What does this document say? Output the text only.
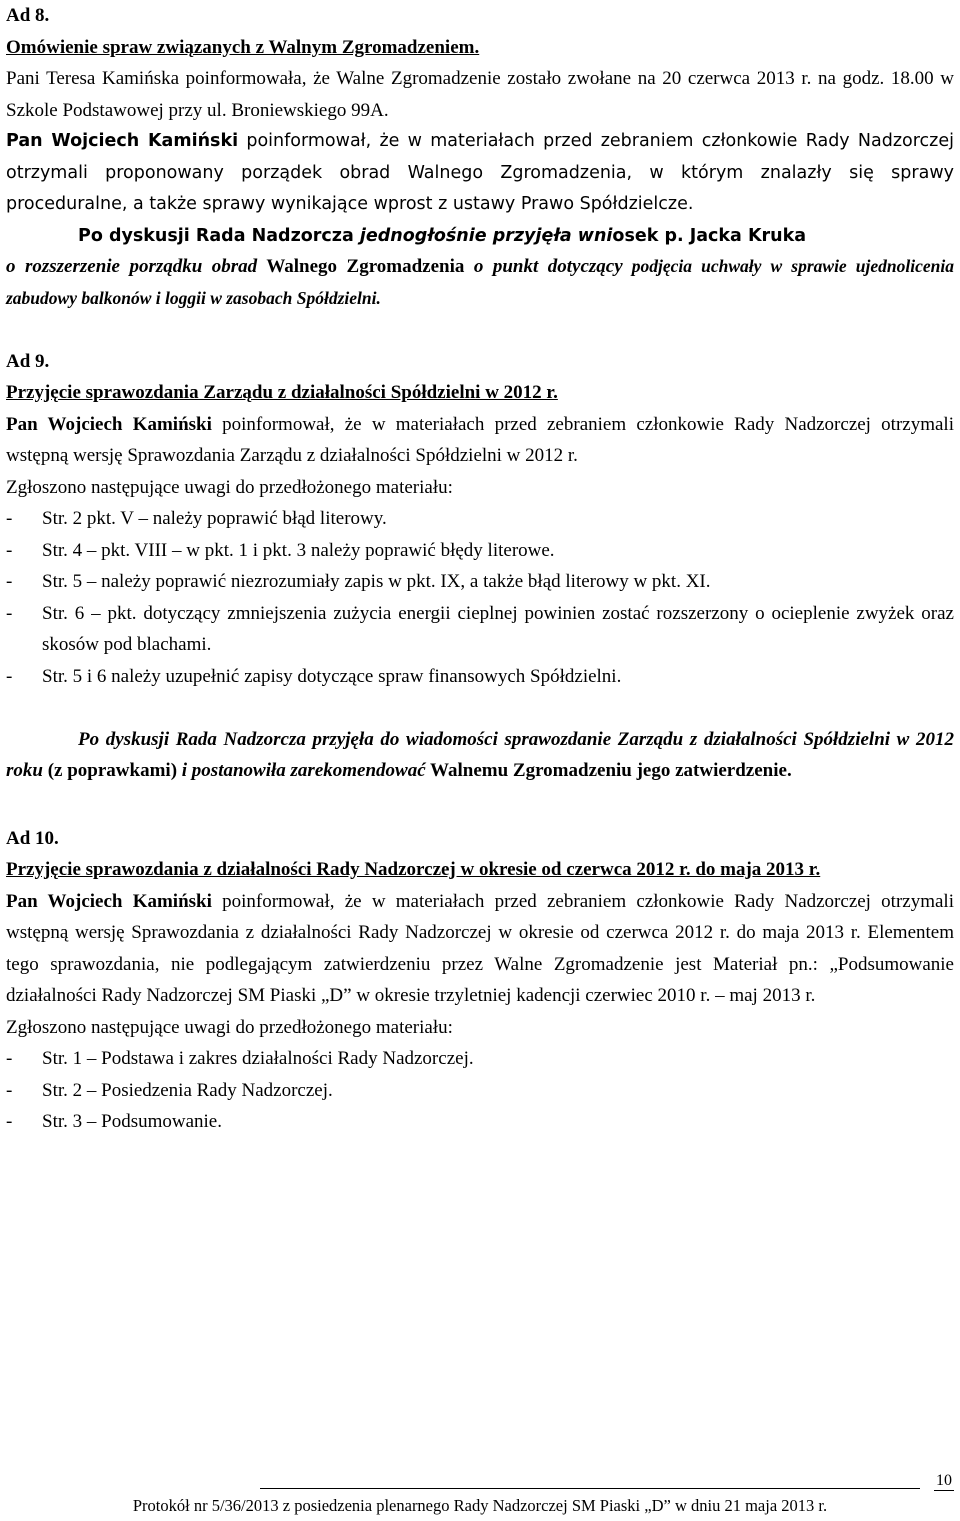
Ad 8.

Omówienie spraw związanych z Walnym Zgromadzeniem.

Pani Teresa Kamińska poinformowała, że Walne Zgromadzenie zostało zwołane na 20 czerwca 2013 r. na godz. 18.00 w Szkole Podstawowej przy ul. Broniewskiego 99A.

Pan Wojciech Kamiński poinformował, że w materiałach przed zebraniem członkowie Rady Nadzorczej otrzymali proponowany porządek obrad Walnego Zgromadzenia, w którym znalazły się sprawy proceduralne, a także sprawy wynikające wprost z ustawy Prawo Spółdzielcze.

Po dyskusji Rada Nadzorcza jednogłośnie przyjęła wniosek p. Jacka Kruka

o rozszerzenie porządku obrad Walnego Zgromadzenia o punkt dotyczący podjęcia uchwały w sprawie ujednolicenia zabudowy balkonów i loggii w zasobach Spółdzielni.

Ad 9.

Przyjęcie sprawozdania Zarządu z działalności Spółdzielni w 2012 r.

Pan Wojciech Kamiński poinformował, że w materiałach przed zebraniem członkowie Rady Nadzorczej otrzymali wstępną wersję Sprawozdania Zarządu z działalności Spółdzielni w 2012 r.

Zgłoszono następujące uwagi do przedłożonego materiału:

-	Str. 2 pkt. V – należy poprawić błąd literowy.
-	Str. 4 – pkt. VIII – w pkt. 1 i pkt. 3 należy poprawić błędy literowe.
-	Str. 5 – należy poprawić niezrozumiały zapis w pkt. IX, a także błąd literowy w pkt. XI.
-	Str. 6 – pkt. dotyczący zmniejszenia zużycia energii cieplnej powinien zostać rozszerzony o ocieplenie zwyżek oraz skosów pod blachami.
-	Str. 5 i 6 należy uzupełnić zapisy dotyczące spraw finansowych Spółdzielni.

Po dyskusji Rada Nadzorcza przyjęła do wiadomości sprawozdanie Zarządu z działalności Spółdzielni w 2012 roku (z poprawkami) i postanowiła zarekomendować Walnemu Zgromadzeniu jego zatwierdzenie.

Ad 10.

Przyjęcie sprawozdania z działalności Rady Nadzorczej w okresie od czerwca 2012 r. do maja 2013 r.

Pan Wojciech Kamiński poinformował, że w materiałach przed zebraniem członkowie Rady Nadzorczej otrzymali wstępną wersję Sprawozdania z działalności Rady Nadzorczej w okresie od czerwca 2012 r. do maja 2013 r. Elementem tego sprawozdania, nie podlegającym zatwierdzeniu przez Walne Zgromadzenie jest Materiał pn.: „Podsumowanie działalności Rady Nadzorczej SM Piaski „D” w okresie trzyletniej kadencji czerwiec 2010 r. – maj 2013 r.

Zgłoszono następujące uwagi do przedłożonego materiału:

-	Str. 1 – Podstawa i zakres działalności Rady Nadzorczej.
-	Str. 2 – Posiedzenia Rady Nadzorczej.
-	Str. 3 – Podsumowanie.
Protokół nr 5/36/2013 z posiedzenia plenarnego Rady Nadzorczej SM Piaski „D” w dniu 21 maja 2013 r.
10
